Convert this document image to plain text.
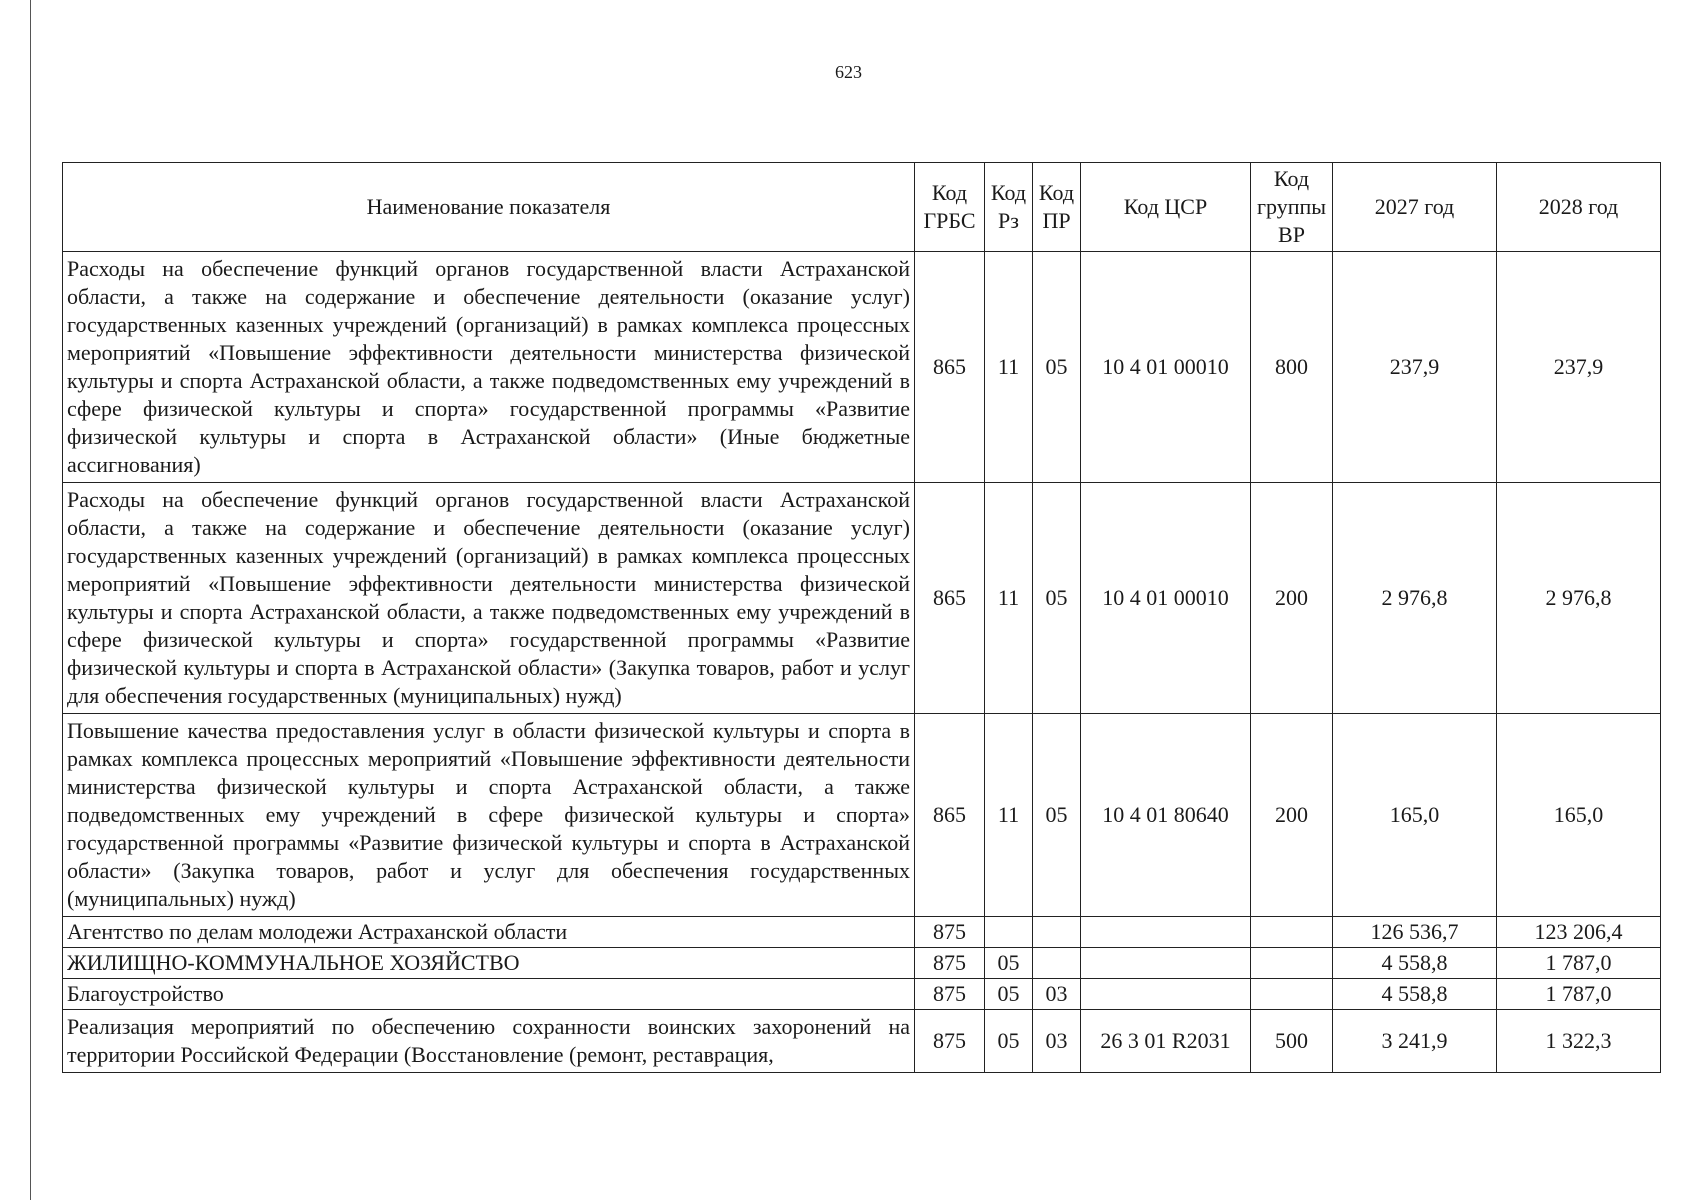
623
Наименование показателя	Код ГРБС	Код Рз	Код ПР	Код ЦСР	Код группы ВР	2027 год	2028 год
Расходы на обеспечение функций органов государственной власти Астраханской области, а также на содержание и обеспечение деятельности (оказание услуг) государственных казенных учреждений (организаций) в рамках комплекса процессных мероприятий «Повышение эффективности деятельности министерства физической культуры и спорта Астраханской области, а также подведомственных ему учреждений в сфере физической культуры и спорта» государственной программы «Развитие физической культуры и спорта в Астраханской области» (Иные бюджетные ассигнования)	865	11	05	10 4 01 00010	800	237,9	237,9
Расходы на обеспечение функций органов государственной власти Астраханской области, а также на содержание и обеспечение деятельности (оказание услуг) государственных казенных учреждений (организаций) в рамках комплекса процессных мероприятий «Повышение эффективности деятельности министерства физической культуры и спорта Астраханской области, а также подведомственных ему учреждений в сфере физической культуры и спорта» государственной программы «Развитие физической культуры и спорта в Астраханской области» (Закупка товаров, работ и услуг для обеспечения государственных (муниципальных) нужд)	865	11	05	10 4 01 00010	200	2 976,8	2 976,8
Повышение качества предоставления услуг в области физической культуры и спорта в рамках комплекса процессных мероприятий «Повышение эффективности деятельности министерства физической культуры и спорта Астраханской области, а также подведомственных ему учреждений в сфере физической культуры и спорта» государственной программы «Развитие физической культуры и спорта в Астраханской области» (Закупка товаров, работ и услуг для обеспечения государственных (муниципальных) нужд)	865	11	05	10 4 01 80640	200	165,0	165,0
Агентство по делам молодежи Астраханской области	875					126 536,7	123 206,4
ЖИЛИЩНО-КОММУНАЛЬНОЕ ХОЗЯЙСТВО	875	05				4 558,8	1 787,0
Благоустройство	875	05	03			4 558,8	1 787,0
Реализация мероприятий по обеспечению сохранности воинских захоронений на территории Российской Федерации (Восстановление (ремонт, реставрация,	875	05	03	26 3 01 R2031	500	3 241,9	1 322,3
